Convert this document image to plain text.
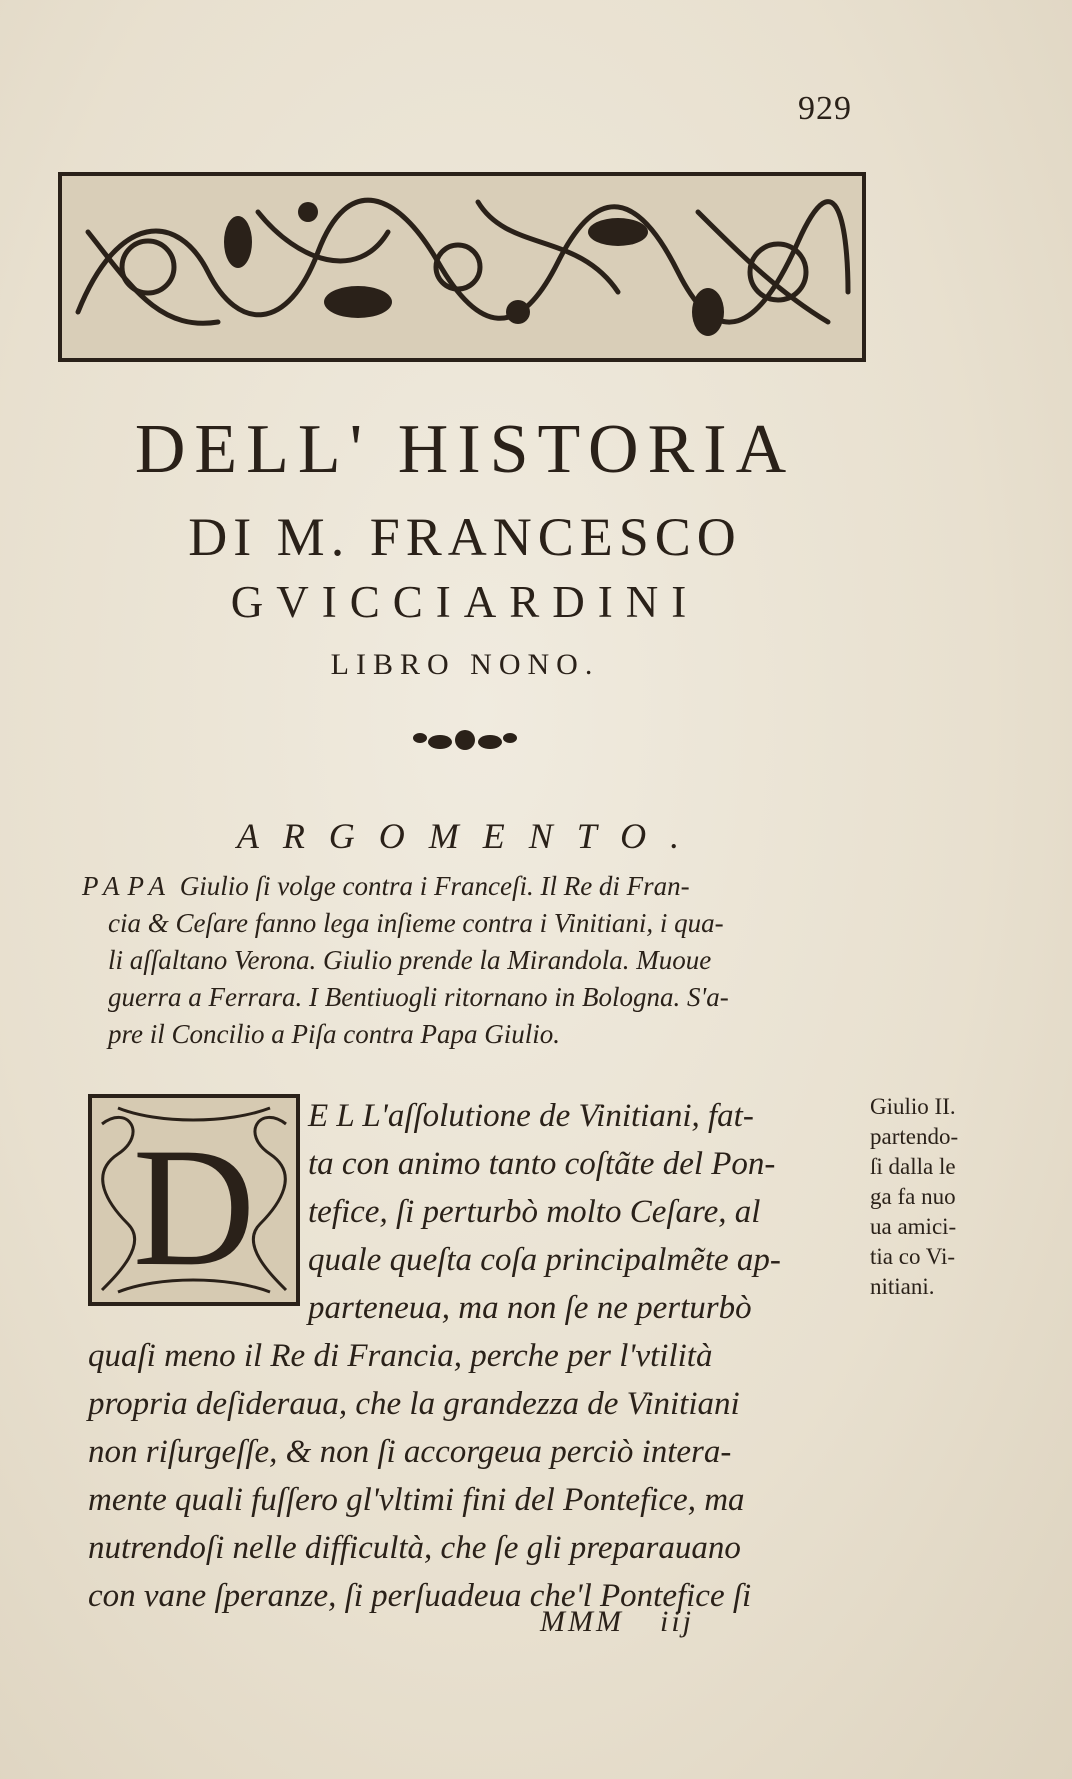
929
DELL' HISTORIA
DI M. FRANCESCO
GVICCIARDINI
LIBRO NONO.
ARGOMENTO.
PAPA Giulio ſi volge contra i Franceſi. Il Re di Fran-
cia & Ceſare fanno lega inſieme contra i Vinitiani, i qua-
li aſſaltano Verona. Giulio prende la Mirandola. Muoue
guerra a Ferrara. I Bentiuogli ritornano in Bologna. S'a-
pre il Concilio a Piſa contra Papa Giulio.
D E L L'aſſolutione de Vinitiani, fat-
ta con animo tanto coſtãte del Pon-
tefice, ſi perturbò molto Ceſare, al
quale queſta coſa principalmẽte ap-
parteneua, ma non ſe ne perturbò
quaſi meno il Re di Francia, perche per l'vtilità
propria deſideraua, che la grandezza de Vinitiani
non riſurgeſſe, & non ſi accorgeua perciò intera-
mente quali fuſſero gl'vltimi fini del Pontefice, ma
nutrendoſi nelle difficultà, che ſe gli preparauano
con vane ſperanze, ſi perſuadeua che'l Pontefice ſi
Giulio II.
partendo-
ſi dalla le
ga fa nuo
ua amici-
tia co Vi-
nitiani.
MMM iij
